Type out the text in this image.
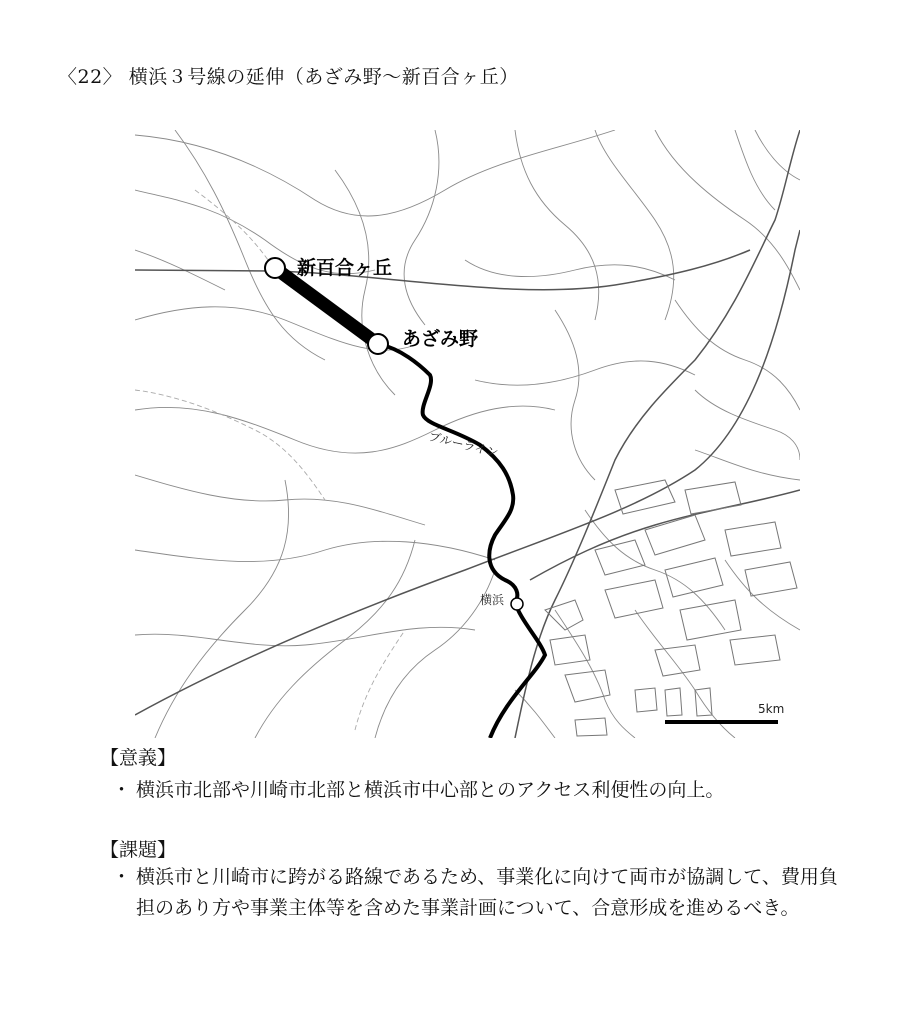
〈22〉 横浜３号線の延伸（あざみ野〜新百合ヶ丘）
新百合ヶ丘
あざみ野
横浜
ブルーライン
5km
【意義】
・ 横浜市北部や川崎市北部と横浜市中心部とのアクセス利便性の向上。
【課題】
・ 横浜市と川崎市に跨がる路線であるため、事業化に向けて両市が協調して、費用負担のあり方や事業主体等を含めた事業計画について、合意形成を進めるべき。
